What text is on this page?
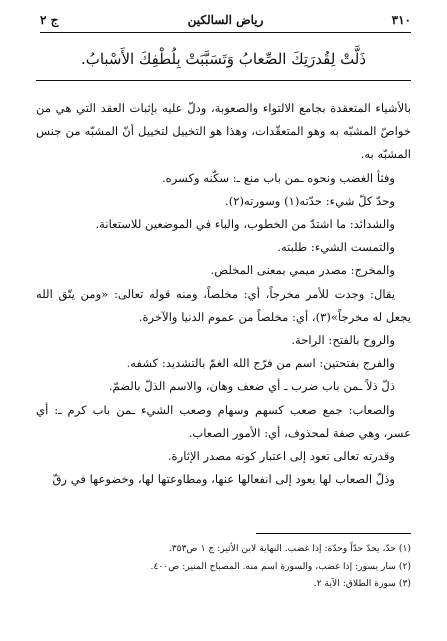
٣١٠
رياض السالكين
ج ٢
ذَلَّتْ لِقُدرَتِكَ الصِّعابُ وَتَسَبَّبَتْ بِلُطْفِكَ الأَسْبابُ.

بالأشياء المتعقدة بجامع الالتواء والصعوبة، ودلّ عليه بإثبات العقد التي هي من خواصّ المشبّه به وهو المتعقّدات، وهذا هو التخييل لتخييل أنّ المشبّه من جنس المشبّه به.

وفثأ الغضب ونحوه ـمن باب منع ـ: سكّنه وكسره.

وحدّ كلّ شيء: حدّته(١) وسورته(٢).

والشدائد: ما اشتدّ من الخطوب، والباء في الموضعين للاستعانة.

والتمست الشيء: طلبته.

والمخرج: مصدر ميمي بمعنى المخلص.

يقال: وجدت للأمر مخرجاً، أي: مخلصاً، ومنه قوله تعالى: «ومن يتّق الله يجعل له مخرجاً»(٣)، أي: مخلصاً من عموم الدنيا والآخرة.

والروح بالفتح: الراحة.

والفرج بفتحتين: اسم من فرّج الله الغمّ بالتشديد: كشفه.

ذلّ ذلاً ـمن باب ضرب ـ أي ضعف وهان، والاسم الذلّ بالضمّ.

والصعاب: جمع صعب كسهم وسهام وصعب الشيء ـمن باب كرم ـ: أي عسر، وهي صفة لمحذوف، أي: الأمور الصعاب.

وقدرته تعالى تعود إلى اعتبار كونه مصدر الإثارة.

وذلّ الصعاب لها يعود إلى انفعالها عنها، ومطاوعتها لها، وخضوعها في رقّ

(١) حدّ، يحدّ حدّاً وحدّة: إذا غضب. النهاية لابن الأثير: ج ١ ص٣٥٣.

(٢) سار يسور: إذا غضب، والسورة اسم منه. المصباح المنير: ص٤٠٠.

(٣) سورة الطلاق: الآية ٢.
